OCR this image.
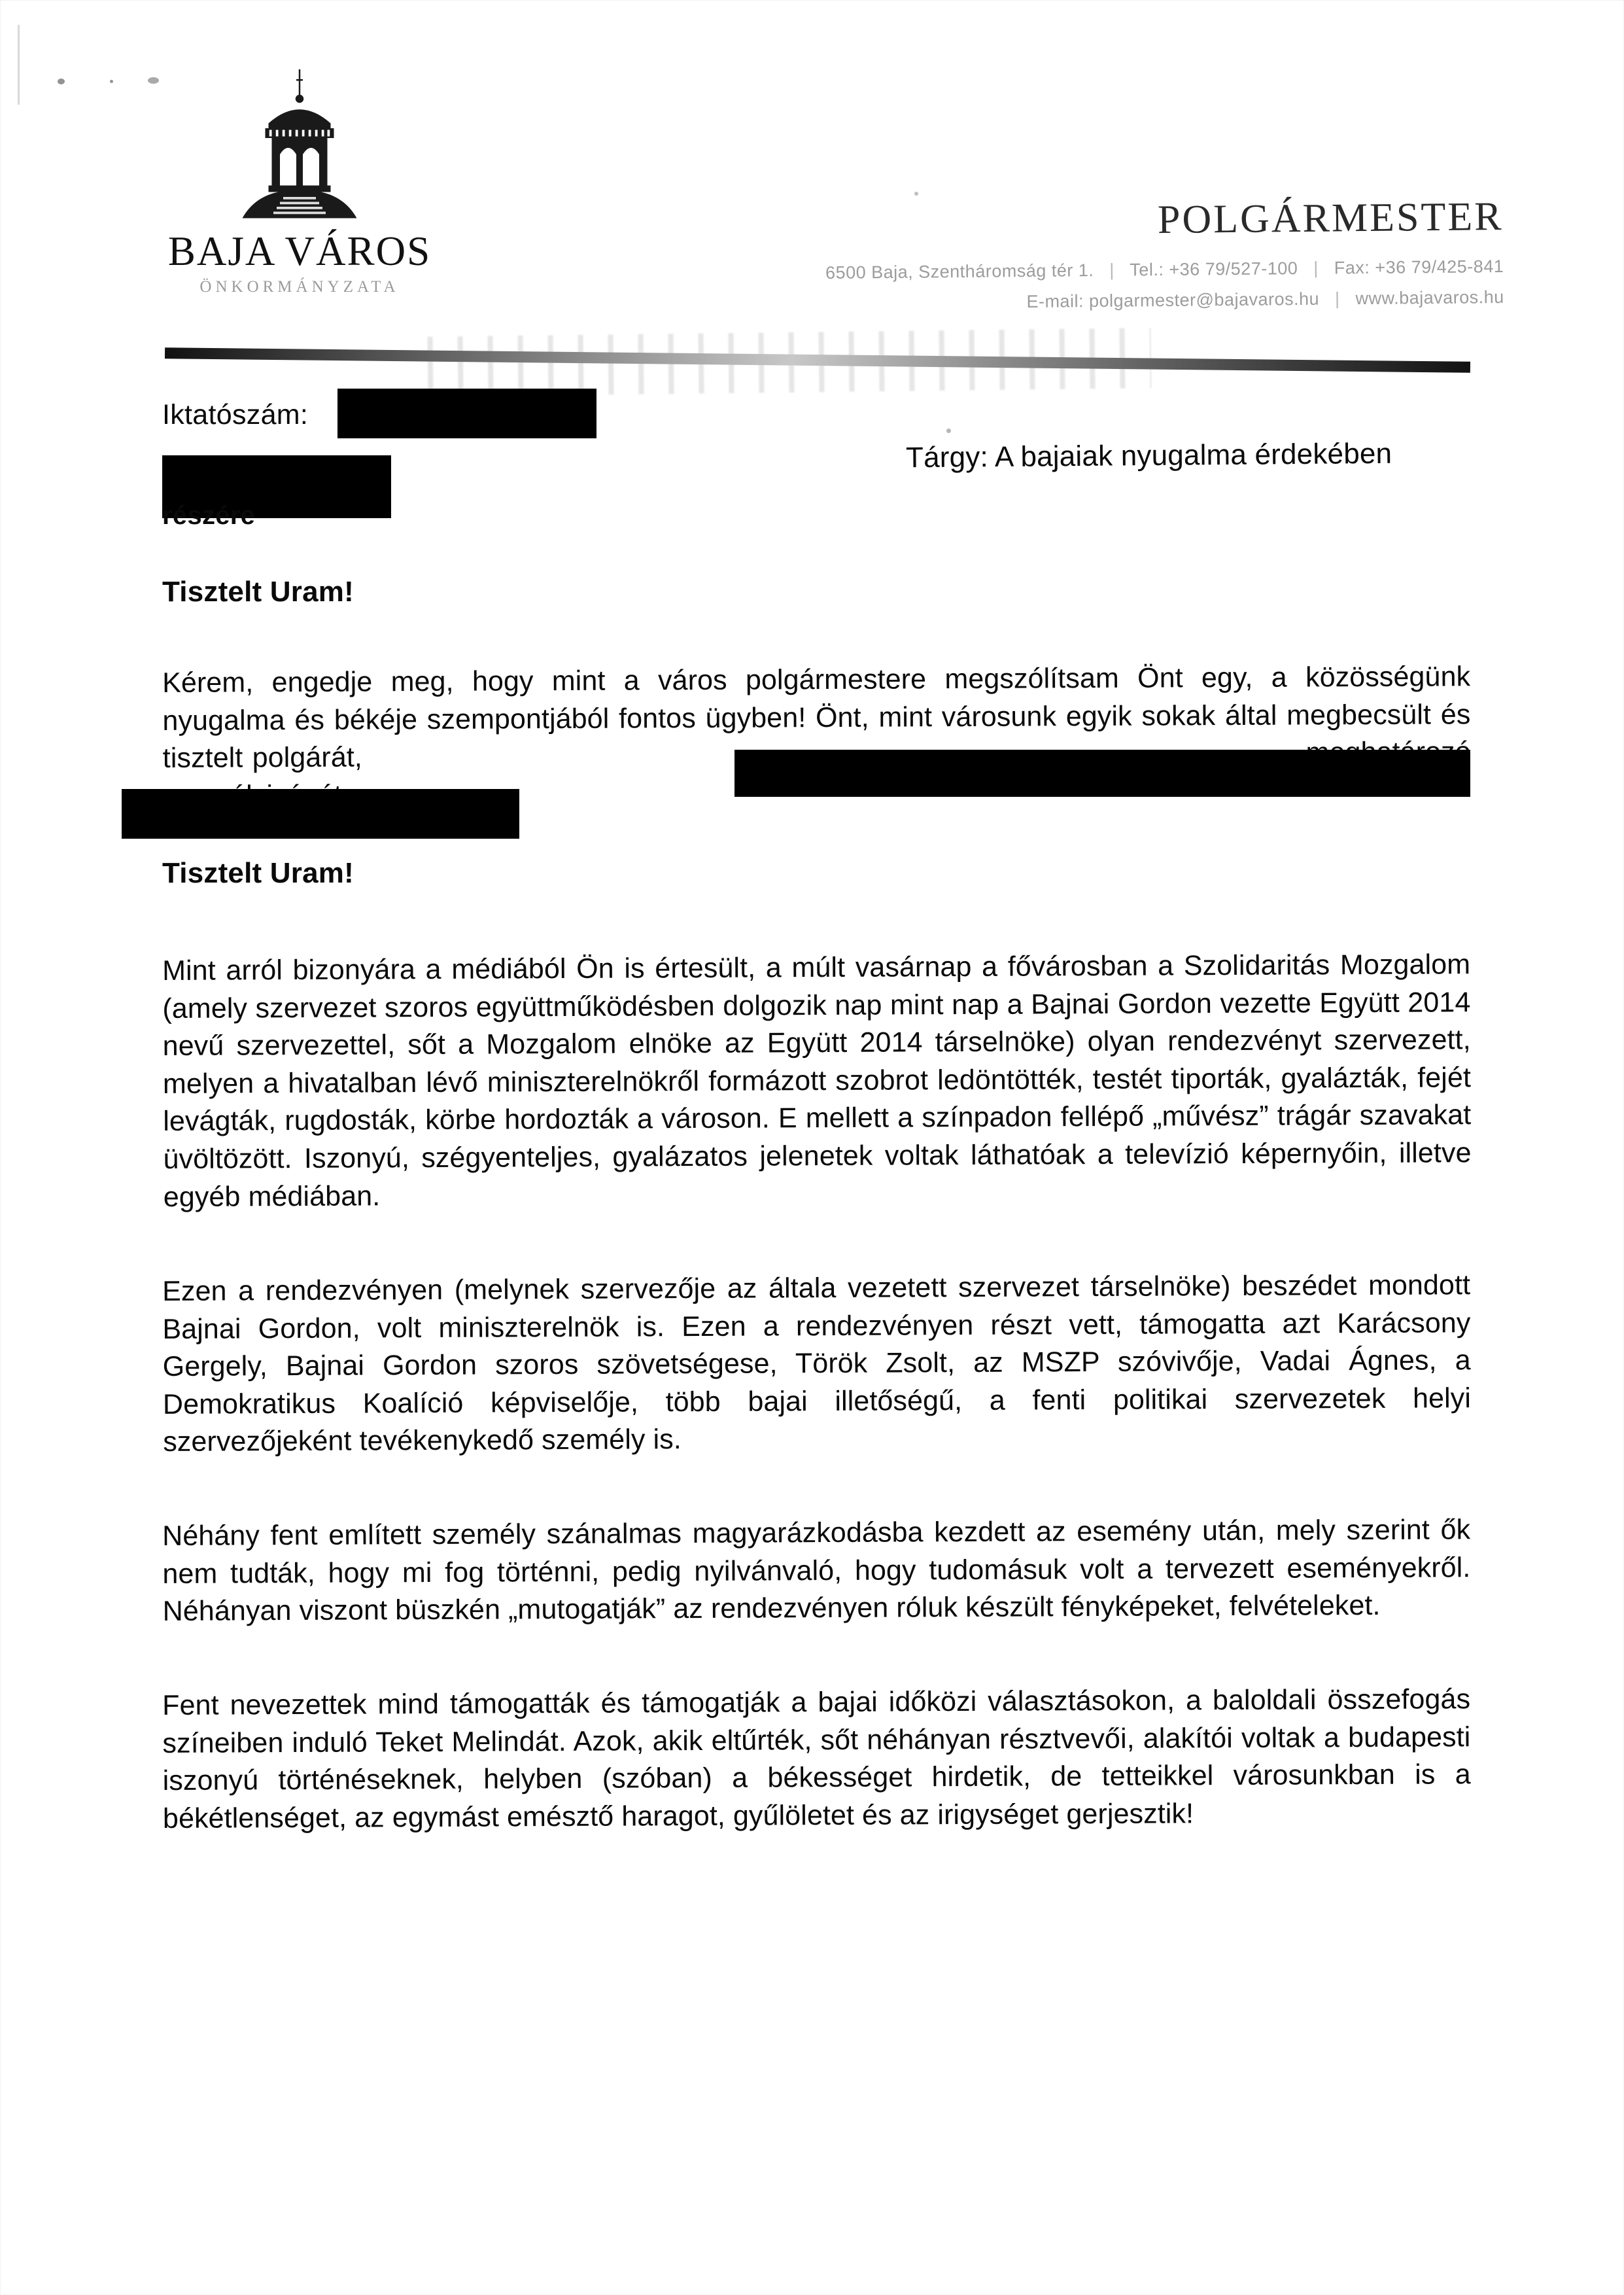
BAJA VÁROS
ÖNKORMÁNYZATA
POLGÁRMESTER
6500 Baja, Szentháromság tér 1. | Tel.: +36 79/527-100 | Fax: +36 79/425-841
E-mail: polgarmester@bajavaros.hu | www.bajavaros.hu
Iktatószám:
részére
Tárgy: A bajaiak nyugalma érdekében
Tisztelt Uram!

Kérem, engedje meg, hogy mint a város polgármestere megszólítsam Önt egy, a közösségünk nyugalma és békéje szempontjából fontos ügyben! Önt, mint városunk egyik sokak által megbecsült és tisztelt polgárát,

Tisztelt Uram!

Mint arról bizonyára a médiából Ön is értesült, a múlt vasárnap a fővárosban a Szolidaritás Mozgalom (amely szervezet szoros együttműködésben dolgozik nap mint nap a Bajnai Gordon vezette Együtt 2014 nevű szervezettel, sőt a Mozgalom elnöke az Együtt 2014 társelnöke) olyan rendezvényt szervezett, melyen a hivatalban lévő miniszterelnökről formázott szobrot ledöntötték, testét tiporták, gyalázták, fejét levágták, rugdosták, körbe hordozták a városon. E mellett a színpadon fellépő „művész” trágár szavakat üvöltözött. Iszonyú, szégyenteljes, gyalázatos jelenetek voltak láthatóak a televízió képernyőin, illetve egyéb médiában.

Ezen a rendezvényen (melynek szervezője az általa vezetett szervezet társelnöke) beszédet mondott Bajnai Gordon, volt miniszterelnök is. Ezen a rendezvényen részt vett, támogatta azt Karácsony Gergely, Bajnai Gordon szoros szövetségese, Török Zsolt, az MSZP szóvivője, Vadai Ágnes, a Demokratikus Koalíció képviselője, több bajai illetőségű, a fenti politikai szervezetek helyi szervezőjeként tevékenykedő személy is.

Néhány fent említett személy szánalmas magyarázkodásba kezdett az esemény után, mely szerint ők nem tudták, hogy mi fog történni, pedig nyilvánvaló, hogy tudomásuk volt a tervezett eseményekről. Néhányan viszont büszkén „mutogatják” az rendezvényen róluk készült fényképeket, felvételeket.

Fent nevezettek mind támogatták és támogatják a bajai időközi választásokon, a baloldali összefogás színeiben induló Teket Melindát. Azok, akik eltűrték, sőt néhányan résztvevői, alakítói voltak a budapesti iszonyú történéseknek, helyben (szóban) a békességet hirdetik, de tetteikkel városunkban is a békétlenséget, az egymást emésztő haragot, gyűlöletet és az irigységet gerjesztik!
